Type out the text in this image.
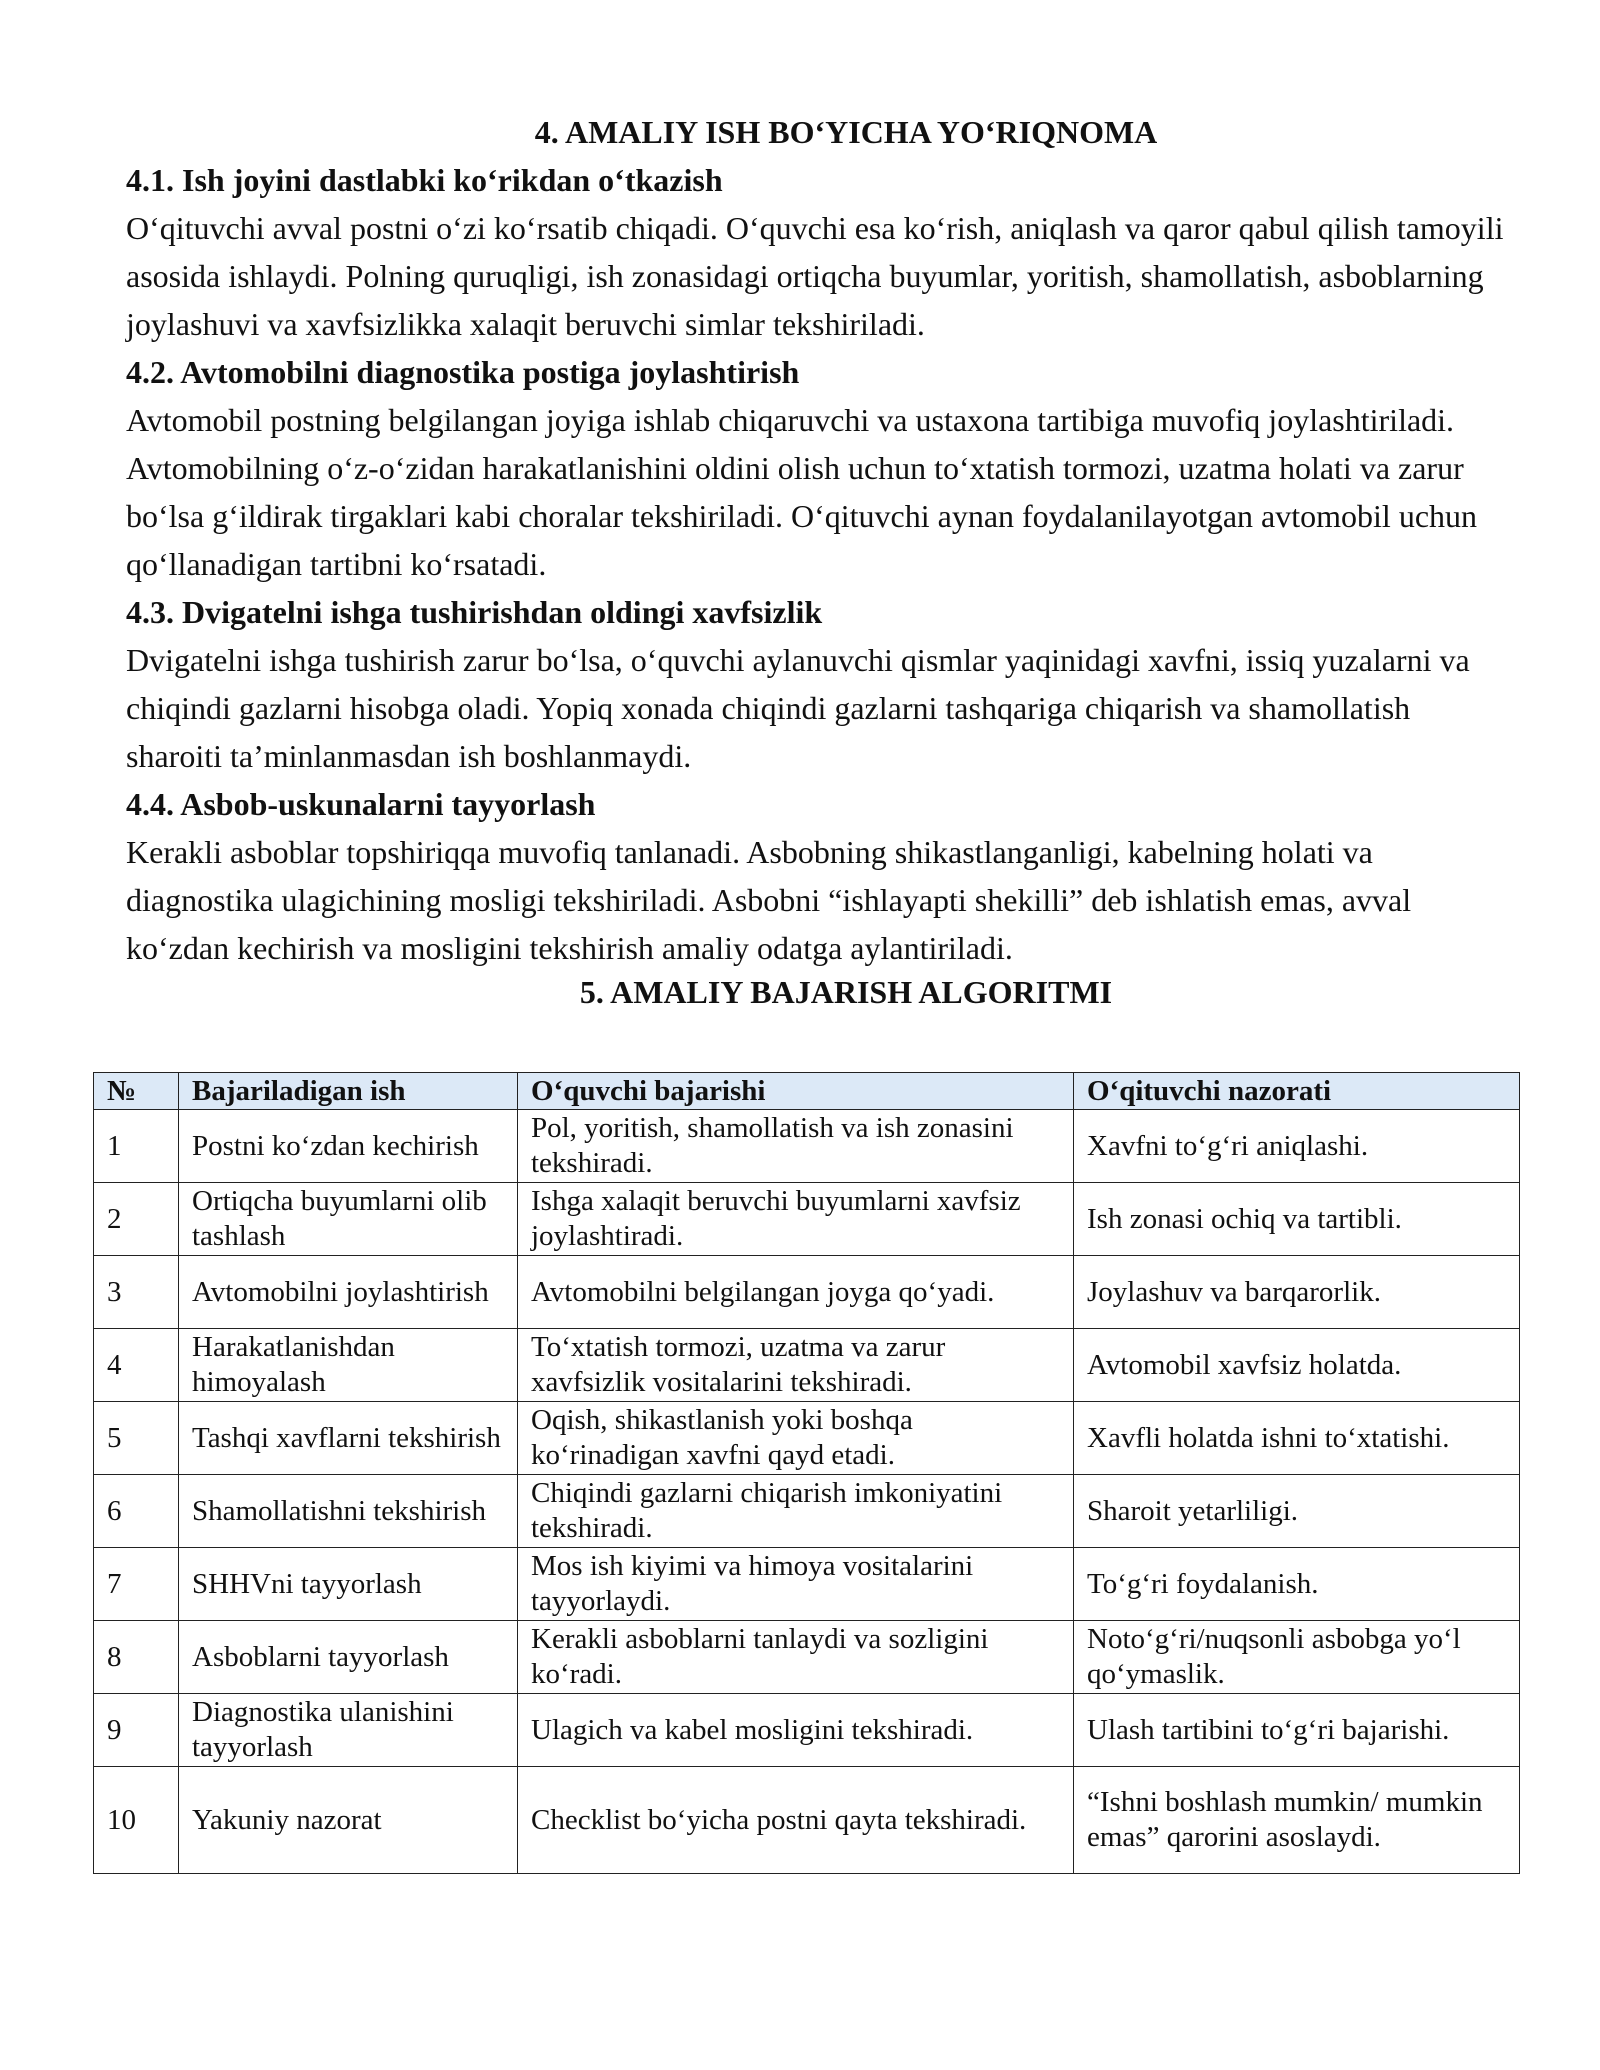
4. AMALIY ISH BO‘YICHA YO‘RIQNOMA
4.1. Ish joyini dastlabki ko‘rikdan o‘tkazish

O‘qituvchi avval postni o‘zi ko‘rsatib chiqadi. O‘quvchi esa ko‘rish, aniqlash va qaror qabul qilish tamoyili asosida ishlaydi. Polning quruqligi, ish zonasidagi ortiqcha buyumlar, yoritish, shamollatish, asboblarning joylashuvi va xavfsizlikka xalaqit beruvchi simlar tekshiriladi.

4.2. Avtomobilni diagnostika postiga joylashtirish

Avtomobil postning belgilangan joyiga ishlab chiqaruvchi va ustaxona tartibiga muvofiq joylashtiriladi. Avtomobilning o‘z-o‘zidan harakatlanishini oldini olish uchun to‘xtatish tormozi, uzatma holati va zarur bo‘lsa g‘ildirak tirgaklari kabi choralar tekshiriladi. O‘qituvchi aynan foydalanilayotgan avtomobil uchun qo‘llanadigan tartibni ko‘rsatadi.

4.3. Dvigatelni ishga tushirishdan oldingi xavfsizlik

Dvigatelni ishga tushirish zarur bo‘lsa, o‘quvchi aylanuvchi qismlar yaqinidagi xavfni, issiq yuzalarni va chiqindi gazlarni hisobga oladi. Yopiq xonada chiqindi gazlarni tashqariga chiqarish va shamollatish sharoiti ta’minlanmasdan ish boshlanmaydi.

4.4. Asbob-uskunalarni tayyorlash

Kerakli asboblar topshiriqqa muvofiq tanlanadi. Asbobning shikastlanganligi, kabelning holati va diagnostika ulagichining mosligi tekshiriladi. Asbobni “ishlayapti shekilli” deb ishlatish emas, avval ko‘zdan kechirish va mosligini tekshirish amaliy odatga aylantiriladi.

5. AMALIY BAJARISH ALGORITMI
№	Bajariladigan ish	O‘quvchi bajarishi	O‘qituvchi nazorati
1	Postni ko‘zdan kechirish	Pol, yoritish, shamollatish va ish zonasini tekshiradi.	Xavfni to‘g‘ri aniqlashi.
2	Ortiqcha buyumlarni olib tashlash	Ishga xalaqit beruvchi buyumlarni xavfsiz joylashtiradi.	Ish zonasi ochiq va tartibli.
3	Avtomobilni joylashtirish	Avtomobilni belgilangan joyga qo‘yadi.	Joylashuv va barqarorlik.
4	Harakatlanishdan himoyalash	To‘xtatish tormozi, uzatma va zarur xavfsizlik vositalarini tekshiradi.	Avtomobil xavfsiz holatda.
5	Tashqi xavflarni tekshirish	Oqish, shikastlanish yoki boshqa ko‘rinadigan xavfni qayd etadi.	Xavfli holatda ishni to‘xtatishi.
6	Shamollatishni tekshirish	Chiqindi gazlarni chiqarish imkoniyatini tekshiradi.	Sharoit yetarliligi.
7	SHHVni tayyorlash	Mos ish kiyimi va himoya vositalarini tayyorlaydi.	To‘g‘ri foydalanish.
8	Asboblarni tayyorlash	Kerakli asboblarni tanlaydi va sozligini ko‘radi.	Noto‘g‘ri/nuqsonli asbobga yo‘l qo‘ymaslik.
9	Diagnostika ulanishini tayyorlash	Ulagich va kabel mosligini tekshiradi.	Ulash tartibini to‘g‘ri bajarishi.
10	Yakuniy nazorat	Checklist bo‘yicha postni qayta tekshiradi.	“Ishni boshlash mumkin/ mumkin emas” qarorini asoslaydi.
